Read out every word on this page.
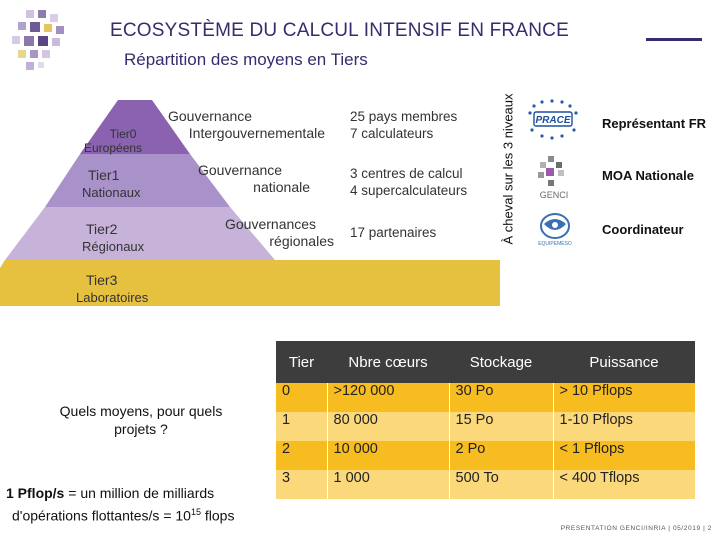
ECOSYSTÈME DU CALCUL INTENSIF EN FRANCE
Répartition des moyens en Tiers
Tier0
Européens
Tier1
Nationaux
Tier2
Régionaux
Tier3
Laboratoires
Gouvernance
Intergouvernementale
Gouvernance
nationale
Gouvernances
régionales
25 pays membres
7 calculateurs
3 centres de calcul
4 supercalculateurs
17 partenaires	À cheval sur les 3 niveaux PRACE
GENCI
EQUIPEMESO
Représentant FR
MOA Nationale
Coordinateur
Quels moyens, pour quels
projets ?
1 Pflop/s = un million de milliards
d'opérations flottantes/s = $10^{15}$ flops
Tier	Nbre cœurs	Stockage	Puissance
0	>120 000	30 Po	> 10 Pflops
1	80 000	15 Po	1-10 Pflops
2	10 000	2 Po	< 1 Pflops
3	1 000	500 To	< 400 Tflops
PRESENTATION GENCI/INRIA | 05/2019 | 2
